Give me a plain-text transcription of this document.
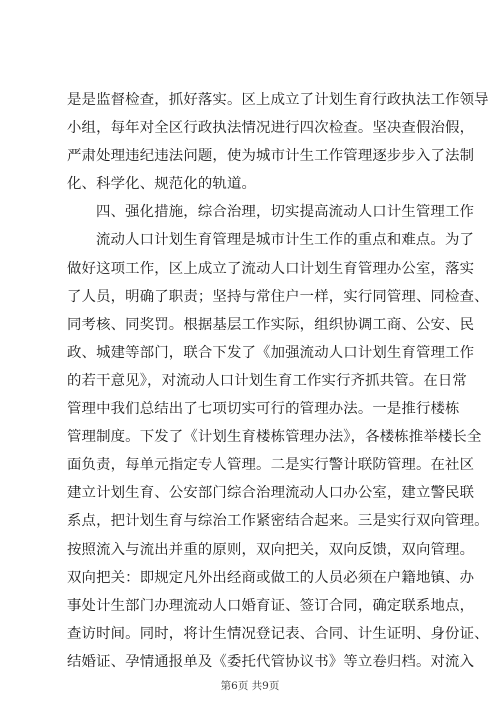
是是监督检查，抓好落实。区上成立了计划生育行政执法工作领导
小组，每年对全区行政执法情况进行四次检查。坚决查假治假，
严肃处理违纪违法问题，使为城市计生工作管理逐步步入了法制
化、科学化、规范化的轨道。
四、强化措施，综合治理，切实提高流动人口计生管理工作
流动人口计划生育管理是城市计生工作的重点和难点。为了
做好这项工作，区上成立了流动人口计划生育管理办公室，落实
了人员，明确了职责；坚持与常住户一样，实行同管理、同检查、
同考核、同奖罚。根据基层工作实际，组织协调工商、公安、民
政、城建等部门，联合下发了《加强流动人口计划生育管理工作
的若干意见》，对流动人口计划生育工作实行齐抓共管。在日常
管理中我们总结出了七项切实可行的管理办法。一是推行楼栋
管理制度。下发了《计划生育楼栋管理办法》，各楼栋推举楼长全
面负责，每单元指定专人管理。二是实行警计联防管理。在社区
建立计划生育、公安部门综合治理流动人口办公室，建立警民联
系点，把计划生育与综治工作紧密结合起来。三是实行双向管理。
按照流入与流出并重的原则，双向把关，双向反馈，双向管理。
双向把关：即规定凡外出经商或做工的人员必须在户籍地镇、办
事处计生部门办理流动人口婚育证、签订合同，确定联系地点，
查访时间。同时，将计生情况登记表、合同、计生证明、身份证、
结婚证、孕情通报单及《委托代管协议书》等立卷归档。对流入
第6页 共9页
